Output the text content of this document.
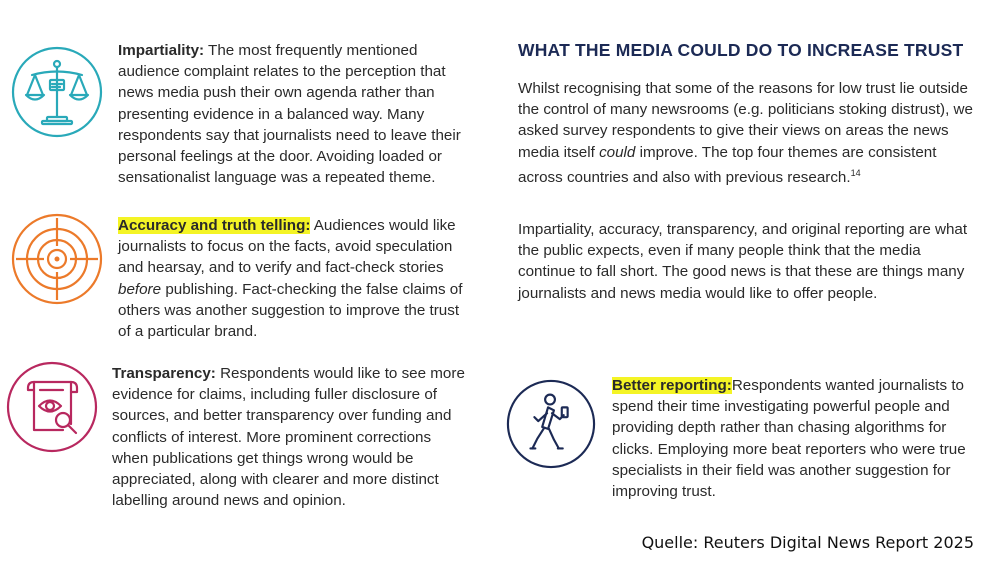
Impartiality: The most frequently mentioned audience complaint relates to the perception that news media push their own agenda rather than presenting evidence in a balanced way. Many respondents say that journalists need to leave their personal feelings at the door. Avoiding loaded or sensationalist language was a repeated theme.

Accuracy and truth telling: Audiences would like journalists to focus on the facts, avoid speculation and hearsay, and to verify and fact-check stories before publishing. Fact-checking the false claims of others was another suggestion to improve the trust of a particular brand.

Transparency: Respondents would like to see more evidence for claims, including fuller disclosure of sources, and better transparency over funding and conflicts of interest. More prominent corrections when publications get things wrong would be appreciated, along with clearer and more distinct labelling around news and opinion.

WHAT THE MEDIA COULD DO TO INCREASE TRUST

Whilst recognising that some of the reasons for low trust lie outside the control of many newsrooms (e.g. politicians stoking distrust), we asked survey respondents to give their views on areas the news media itself could improve. The top four themes are consistent across countries and also with previous research.$^{14}$

Impartiality, accuracy, transparency, and original reporting are what the public expects, even if many people think that the media continue to fall short. The good news is that these are things many journalists and news media would like to offer people.

Better reporting:Respondents wanted journalists to spend their time investigating powerful people and providing depth rather than chasing algorithms for clicks. Employing more beat reporters who were true specialists in their field was another suggestion for improving trust.

Quelle: Reuters Digital News Report 2025
